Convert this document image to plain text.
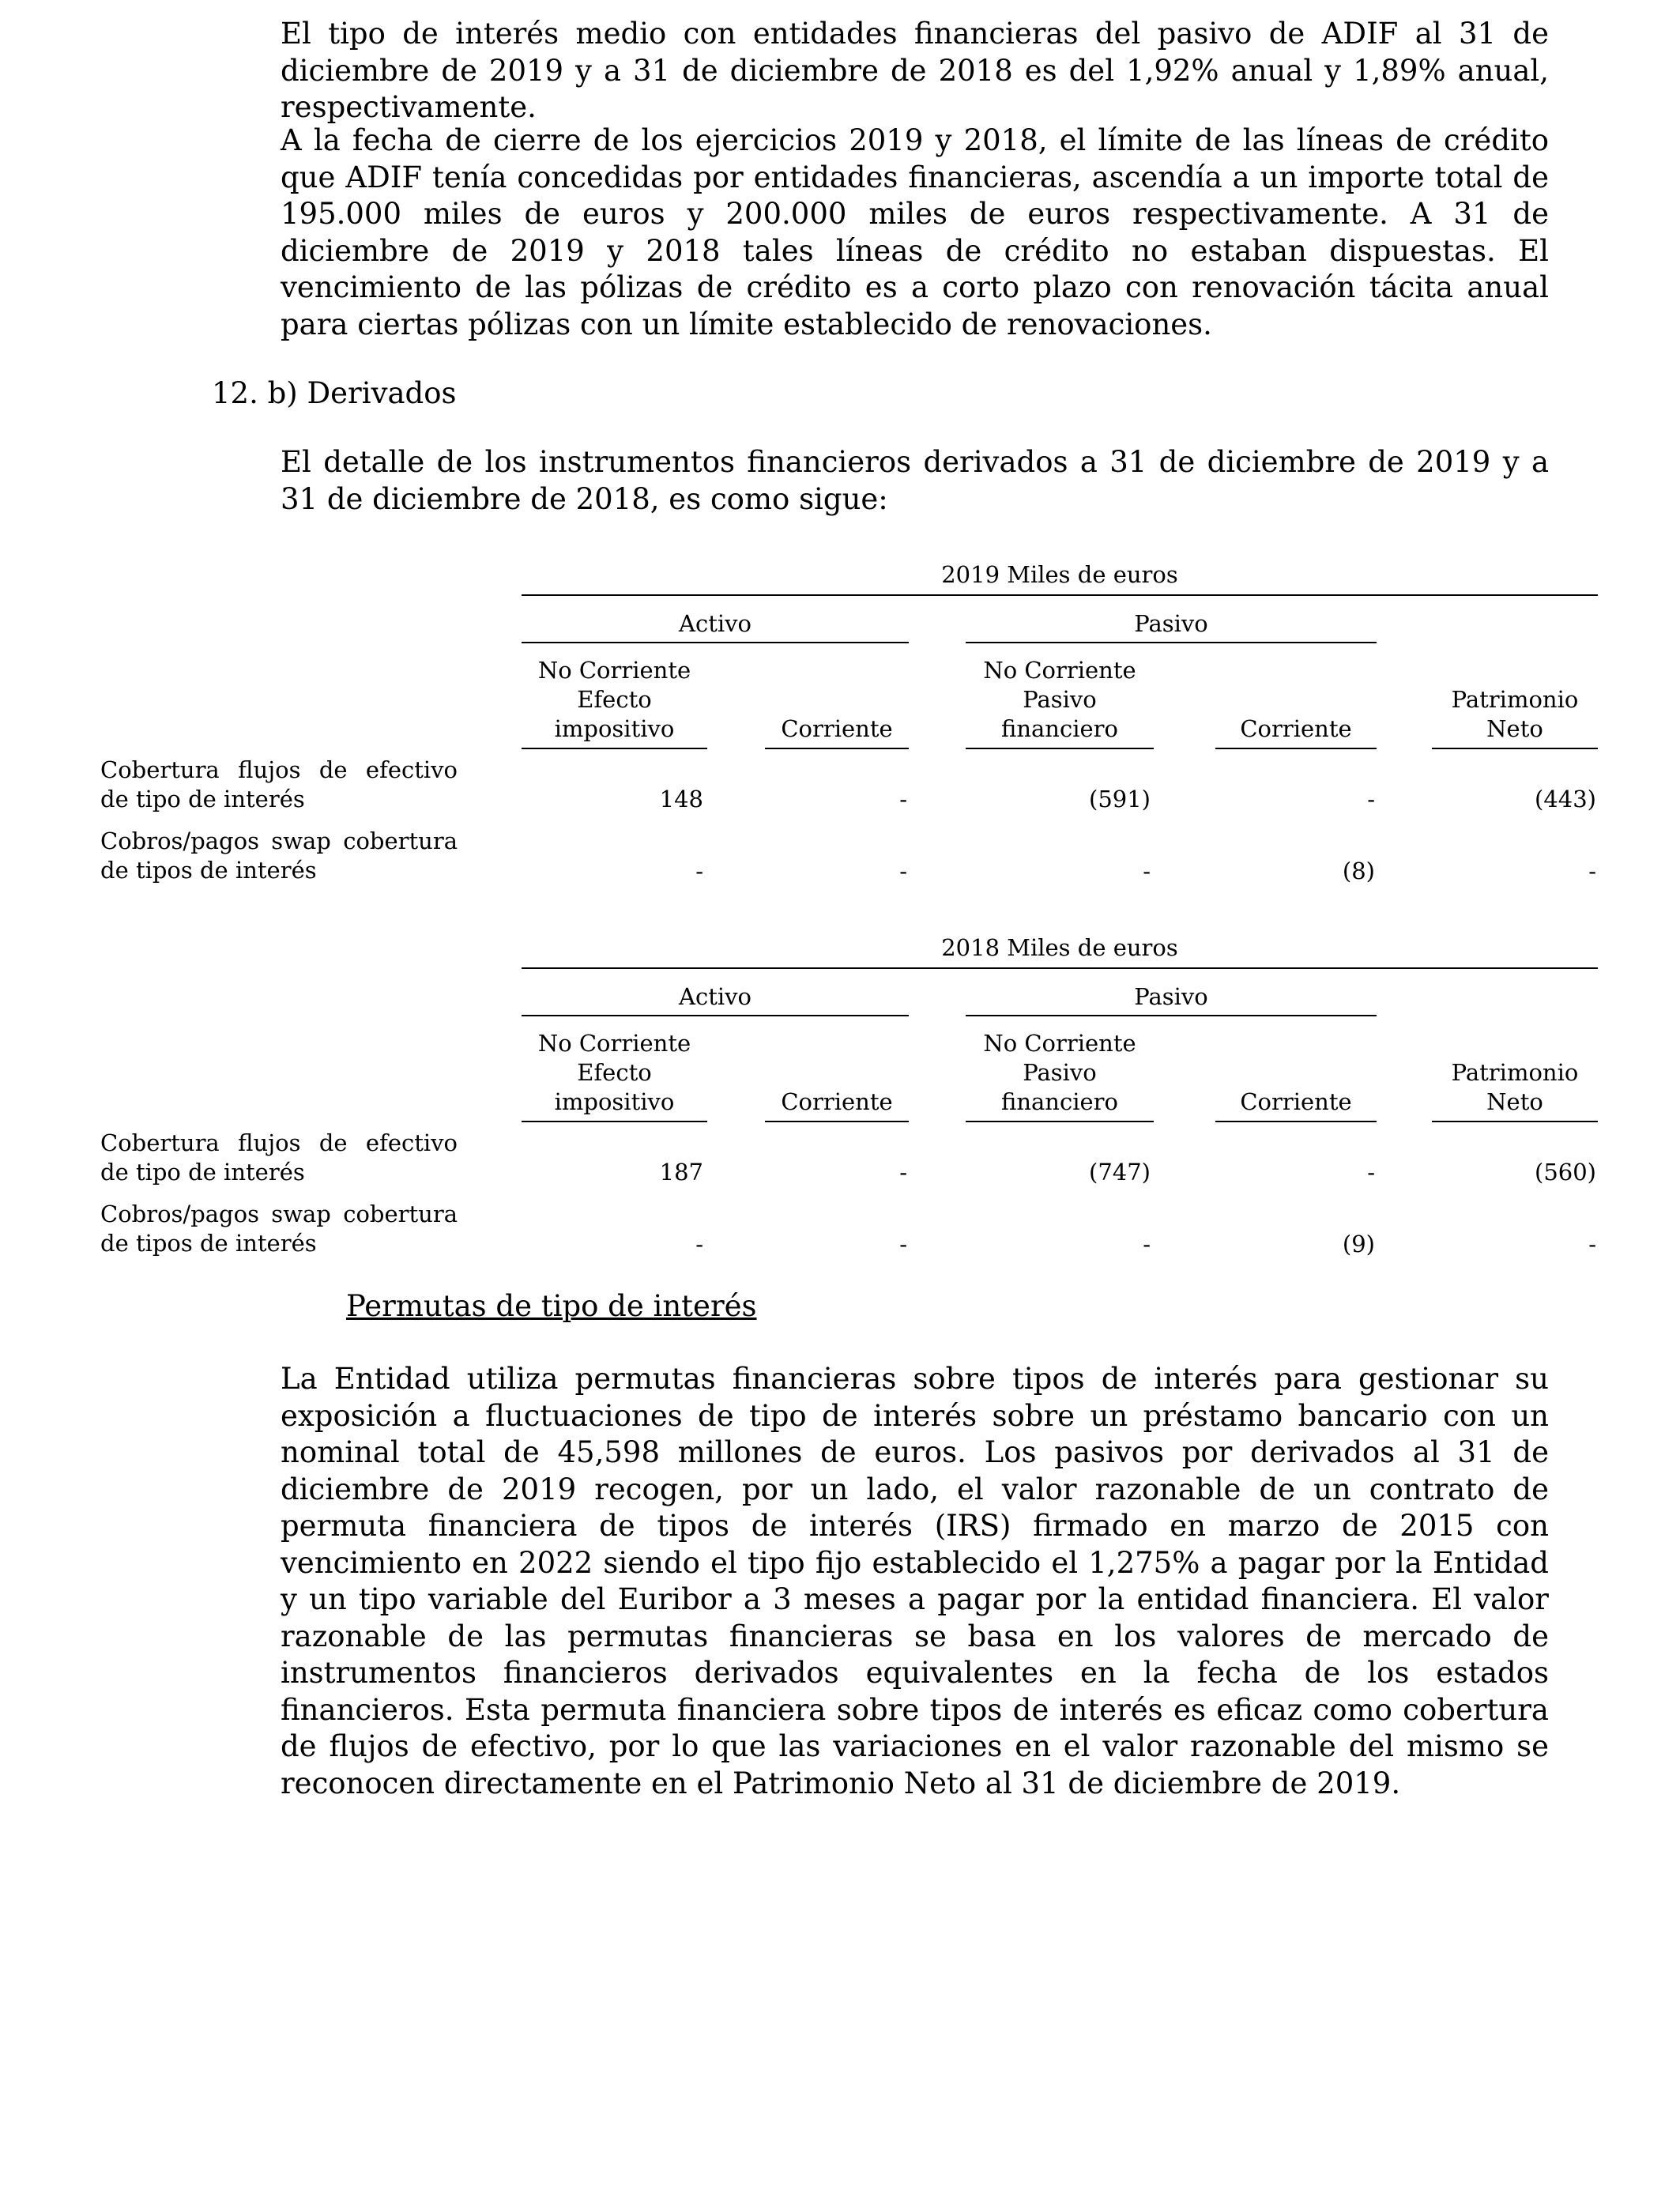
El tipo de interés medio con entidades financieras del pasivo de ADIF al 31 de diciembre de 2019 y a 31 de diciembre de 2018 es del 1,92% anual y 1,89% anual, respectivamente.

A la fecha de cierre de los ejercicios 2019 y 2018, el límite de las líneas de crédito que ADIF tenía concedidas por entidades financieras, ascendía a un importe total de 195.000 miles de euros y 200.000 miles de euros respectivamente. A 31 de diciembre de 2019 y 2018 tales líneas de crédito no estaban dispuestas. El vencimiento de las pólizas de crédito es a corto plazo con renovación tácita anual para ciertas pólizas con un límite establecido de renovaciones.

12. b) Derivados

El detalle de los instrumentos financieros derivados a 31 de diciembre de 2019 y a 31 de diciembre de 2018, es como sigue:

2019 Miles de euros
Activo	Pasivo
No Corriente
Efecto
impositivo	Corriente
No Corriente
Pasivo
financiero	Corriente
Patrimonio
Neto
Cobertura flujos de efectivo de tipo de interés	148	-	(591)	-	(443)
Cobros/pagos swap cobertura de tipos de interés	-	-	-	(8)	-
2018 Miles de euros
Activo	Pasivo
No Corriente
Efecto
impositivo	Corriente
No Corriente
Pasivo
financiero	Corriente
Patrimonio
Neto
Cobertura flujos de efectivo de tipo de interés	187	-	(747)	-	(560)
Cobros/pagos swap cobertura de tipos de interés	-	-	-	(9)	-

Permutas de tipo de interés

La Entidad utiliza permutas financieras sobre tipos de interés para gestionar su exposición a fluctuaciones de tipo de interés sobre un préstamo bancario con un nominal total de 45,598 millones de euros. Los pasivos por derivados al 31 de diciembre de 2019 recogen, por un lado, el valor razonable de un contrato de permuta financiera de tipos de interés (IRS) firmado en marzo de 2015 con vencimiento en 2022 siendo el tipo fijo establecido el 1,275% a pagar por la Entidad y un tipo variable del Euribor a 3 meses a pagar por la entidad financiera. El valor razonable de las permutas financieras se basa en los valores de mercado de instrumentos financieros derivados equivalentes en la fecha de los estados financieros. Esta permuta financiera sobre tipos de interés es eficaz como cobertura de flujos de efectivo, por lo que las variaciones en el valor razonable del mismo se reconocen directamente en el Patrimonio Neto al 31 de diciembre de 2019.
